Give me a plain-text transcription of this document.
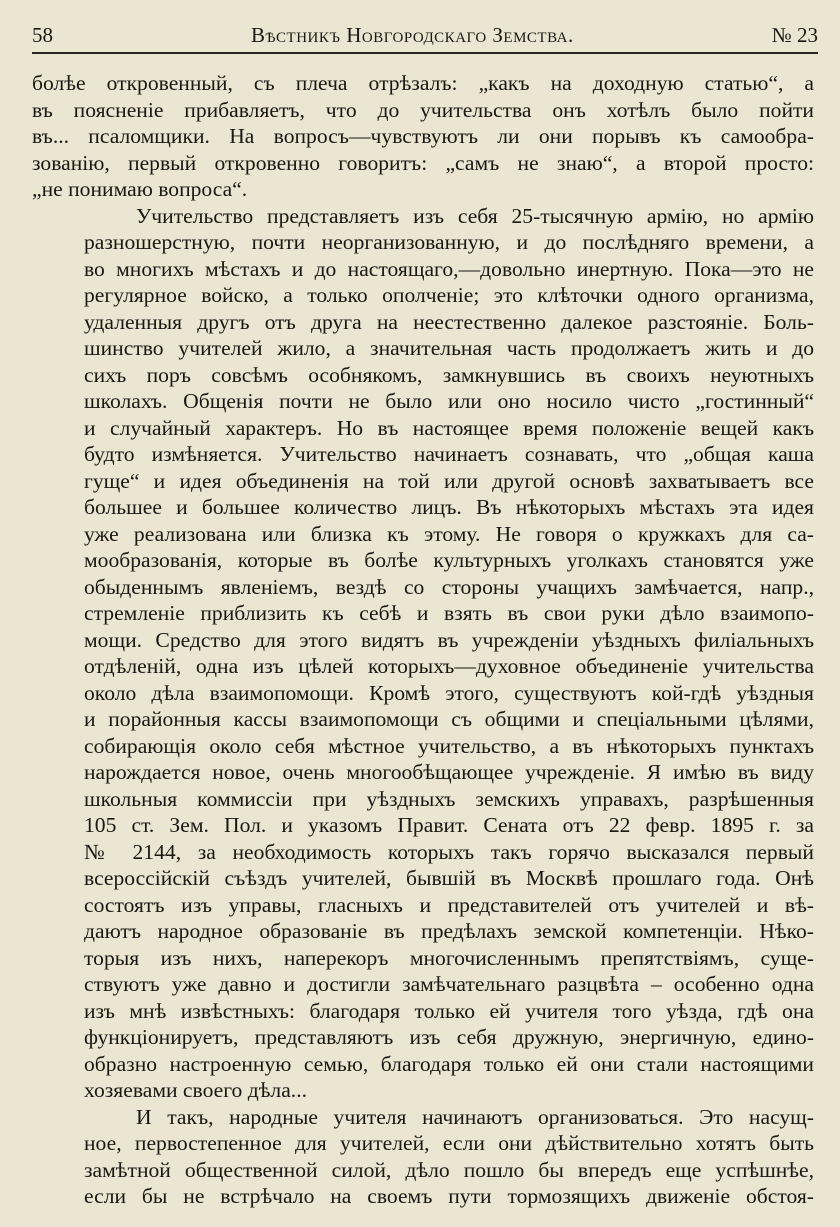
58	Вѣстникъ Новгородскаго Земства.	№ 23

болѣе откровенный, съ плеча отрѣзалъ: „какъ на доходную статью“, а
въ поясненіе прибавляетъ, что до учительства онъ хотѣлъ было пойти
въ... псаломщики. На вопросъ—чувствуютъ ли они порывъ къ самообра-
зованію, первый откровенно говоритъ: „самъ не знаю“, а второй просто:
„не понимаю вопроса“.

Учительство представляетъ изъ себя 25-тысячную армію, но армію
разношерстную, почти неорганизованную, и до послѣдняго времени, а
во многихъ мѣстахъ и до настоящаго,—довольно инертную. Пока—это не
регулярное войско, а только ополченіе; это клѣточки одного организма,
удаленныя другъ отъ друга на неестественно далекое разстояніе. Боль-
шинство учителей жило, а значительная часть продолжаетъ жить и до
сихъ поръ совсѣмъ особнякомъ, замкнувшись въ своихъ неуютныхъ
школахъ. Общенія почти не было или оно носило чисто „гостинный“
и случайный характеръ. Но въ настоящее время положеніе вещей какъ
будто измѣняется. Учительство начинаетъ сознавать, что „общая каша
гуще“ и идея объединенія на той или другой основѣ захватываетъ все
большее и большее количество лицъ. Въ нѣкоторыхъ мѣстахъ эта идея
уже реализована или близка къ этому. Не говоря о кружкахъ для са-
мообразованія, которые въ болѣе культурныхъ уголкахъ становятся уже
обыденнымъ явленіемъ, вездѣ со стороны учащихъ замѣчается, напр.,
стремленіе приблизить къ себѣ и взять въ свои руки дѣло взаимопо-
мощи. Средство для этого видятъ въ учрежденіи уѣздныхъ филіальныхъ
отдѣленій, одна изъ цѣлей которыхъ—духовное объединеніе учительства
около дѣла взаимопомощи. Кромѣ этого, существуютъ кой-гдѣ уѣздныя
и порайонныя кассы взаимопомощи съ общими и спеціальными цѣлями,
собирающія около себя мѣстное учительство, а въ нѣкоторыхъ пунктахъ
нарождается новое, очень многообѣщающее учрежденіе. Я имѣю въ виду
школьныя коммиссіи при уѣздныхъ земскихъ управахъ, разрѣшенныя
105 ст. Зем. Пол. и указомъ Правит. Сената отъ 22 февр. 1895 г. за
№ 2144, за необходимость которыхъ такъ горячо высказался первый
всероссійскій съѣздъ учителей, бывшій въ Москвѣ прошлаго года. Онѣ
состоятъ изъ управы, гласныхъ и представителей отъ учителей и вѣ-
даютъ народное образованіе въ предѣлахъ земской компетенціи. Нѣко-
торыя изъ нихъ, наперекоръ многочисленнымъ препятствіямъ, суще-
ствуютъ уже давно и достигли замѣчательнаго разцвѣта – особенно одна
изъ мнѣ извѣстныхъ: благодаря только ей учителя того уѣзда, гдѣ она
функціонируетъ, представляютъ изъ себя дружную, энергичную, едино-
образно настроенную семью, благодаря только ей они стали настоящими
хозяевами своего дѣла...

И такъ, народные учителя начинаютъ организоваться. Это насущ-
ное, первостепенное для учителей, если они дѣйствительно хотятъ быть
замѣтной общественной силой, дѣло пошло бы впередъ еще успѣшнѣе,
если бы не встрѣчало на своемъ пути тормозящихъ движеніе обстоя-
